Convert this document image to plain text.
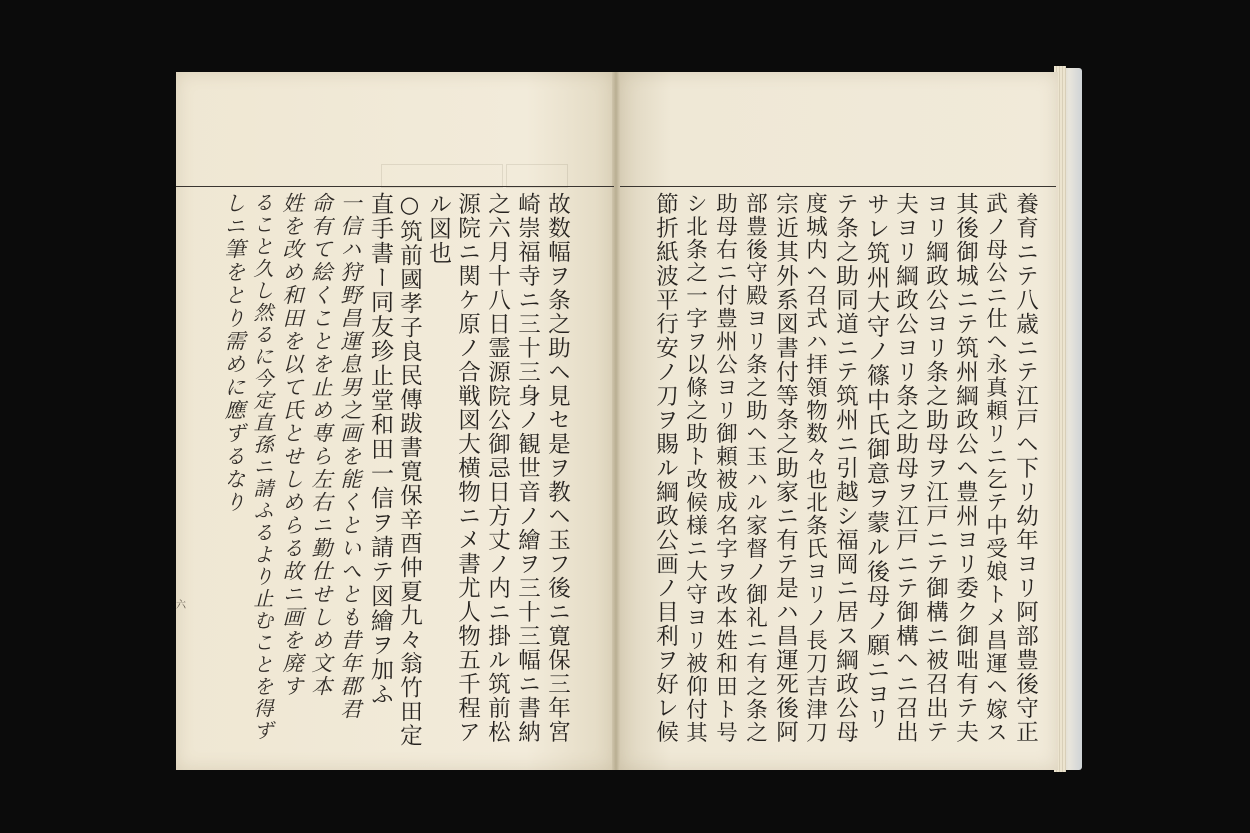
養育ニテ八歳ニテ江戸ヘ下リ幼年ヨリ阿部豊後守正
武ノ母公ニ仕ヘ永真頼リニ乞テ中受娘トメ昌運ヘ嫁ス
其後御城ニテ筑州綱政公ヘ豊州ヨリ委ク御咄有テ夫
ヨリ綱政公ヨリ条之助母ヲ江戸ニテ御構ニ被召出テ
夫ヨリ綱政公ヨリ条之助母ヲ江戸ニテ御構ヘニ召出
サレ筑州大守ノ篠中氏御意ヲ蒙ル後母ノ願ニヨリ
テ条之助同道ニテ筑州ニ引越シ福岡ニ居ス綱政公母
度城内ヘ召式ハ拝領物数々也北条氏ヨリノ長刀吉津刀
宗近其外系図書付等条之助家ニ有テ是ハ昌運死後阿
部豊後守殿ヨリ条之助ヘ玉ハル家督ノ御礼ニ有之条之
助母右ニ付豊州公ヨリ御頼被成名字ヲ改本姓和田ト号
シ北条之一字ヲ以條之助ト改候様ニ大守ヨリ被仰付其
節折紙波平行安ノ刀ヲ賜ル綱政公画ノ目利ヲ好レ候
故数幅ヲ条之助ヘ見セ是ヲ教ヘ玉フ後ニ寛保三年宮
崎崇福寺ニ三十三身ノ観世音ノ繪ヲ三十三幅ニ書納
之六月十八日霊源院公御忌日方丈ノ内ニ掛ル筑前松
源院ニ関ケ原ノ合戦図大横物ニメ書尤人物五千程ア
ル図也
○筑前國孝子良民傳跋書寛保辛酉仲夏九々翁竹田定
直手書ー同友珍止堂和田一信ヲ請テ図繪ヲ加ふ
一信ハ狩野昌運息男之画を能くといへとも昔年郡君
命有て絵くことを止め専ら左右ニ勤仕せしめ文本
姓を改め和田を以て氏とせしめらる故ニ画を廃す
ること久し然るに今定直孫ニ請ふるより止むことを得ず
しニ筆をとり需めに應ずるなり
六
